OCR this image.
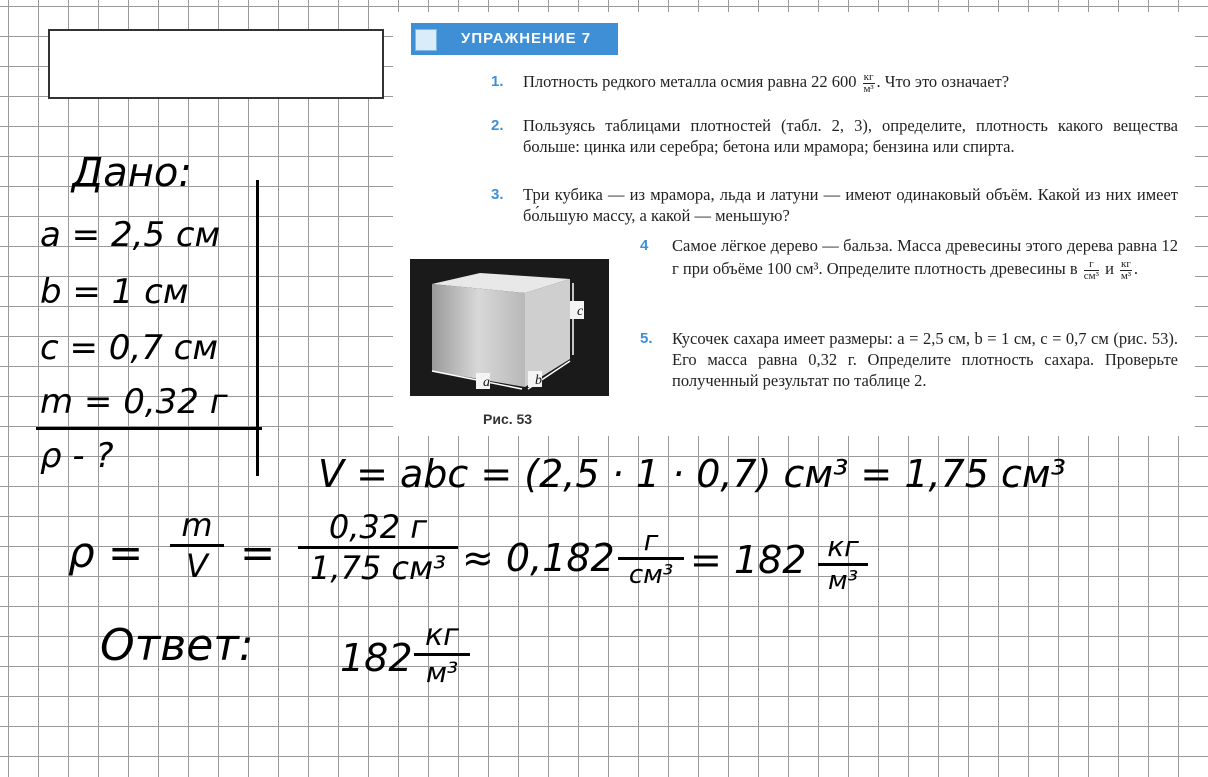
УПРАЖНЕНИЕ 7
1. Плотность редкого металла осмия равна 22 $600 \frac{кг}{\text{м³}}$ . Что это означает?
2. Пользуясь таблицами плотностей (табл. 2, 3), определите, плотность какого вещества больше: цинка или серебра; бетона или мрамора; бензина или спирта.
3. Три кубика — из мрамора, льда и латуни — имеют одинаковый объём. Какой из них имеет бо́льшую массу, а какой — меньшую?
4 Самое лёгкое дерево — бальза. Масса древесины этого дерева равна 12 г при объёме 100 см³. Определите плотность древесины в $\frac{г}{\text{см³}}$ и $\frac{кг}{\text{м³}}$ .
5. Кусочек сахара имеет размеры: a = 2,5 см, b = 1 см, c = 0,7 см (рис. 53). Его масса равна 0,32 г. Определите плотность сахара. Проверьте полученный результат по таблице 2.
c
a	b
Рис. 53
Дано:
a = 2,5 см
b = 1 см
c = 0,7 см
m = 0,32 г
ρ - ?	V = abc = (2,5 · 1 · 0,7) см³ = 1,75 см³
ρ =
m
V =
0,32 г
1,75 см³ ≈ 0,182	г
см³ = 182 кг
м³
Ответ: 182
кг
м³
